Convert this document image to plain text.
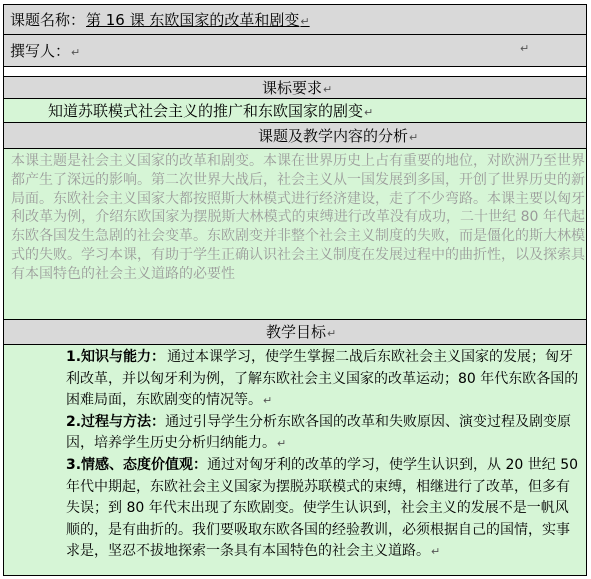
课题名称： 第 16 课 东欧国家的改革和剧变↵
撰写人：↵	↵
课标要求↵
知道苏联模式社会主义的推广和东欧国家的剧变↵
课题及教学内容的分析↵
本课主题是社会主义国家的改革和剧变。本课在世界历史上占有重要的地位，对欧洲乃至世界都产生了深远的影响。第二次世界大战后，社会主义从一国发展到多国，开创了世界历史的新局面。东欧社会主义国家大都按照斯大林模式进行经济建设，走了不少弯路。本课主要以匈牙利改革为例，介绍东欧国家为摆脱斯大林模式的束缚进行改革没有成功，二十世纪 80 年代起东欧各国发生急剧的社会变革。东欧剧变并非整个社会主义制度的失败，而是僵化的斯大林模式的失败。学习本课，有助于学生正确认识社会主义制度在发展过程中的曲折性，以及探索具有本国特色的社会主义道路的必要性
教学目标↵

1.知识与能力： 通过本课学习，使学生掌握二战后东欧社会主义国家的发展；匈牙利改革，并以匈牙利为例，了解东欧社会主义国家的改革运动；80 年代东欧各国的困难局面，东欧剧变的情况等。↵

2.过程与方法：通过引导学生分析东欧各国的改革和失败原因、演变过程及剧变原因，培养学生历史分析归纳能力。↵

3.情感、态度价值观：通过对匈牙利的改革的学习，使学生认识到，从 20 世纪 50 年代中期起，东欧社会主义国家为摆脱苏联模式的束缚，相继进行了改革，但多有失误；到 80 年代末出现了东欧剧变。使学生认识到，社会主义的发展不是一帆风顺的，是有曲折的。我们要吸取东欧各国的经验教训，必须根据自己的国情，实事求是，坚忍不拔地探索一条具有本国特色的社会主义道路。↵
